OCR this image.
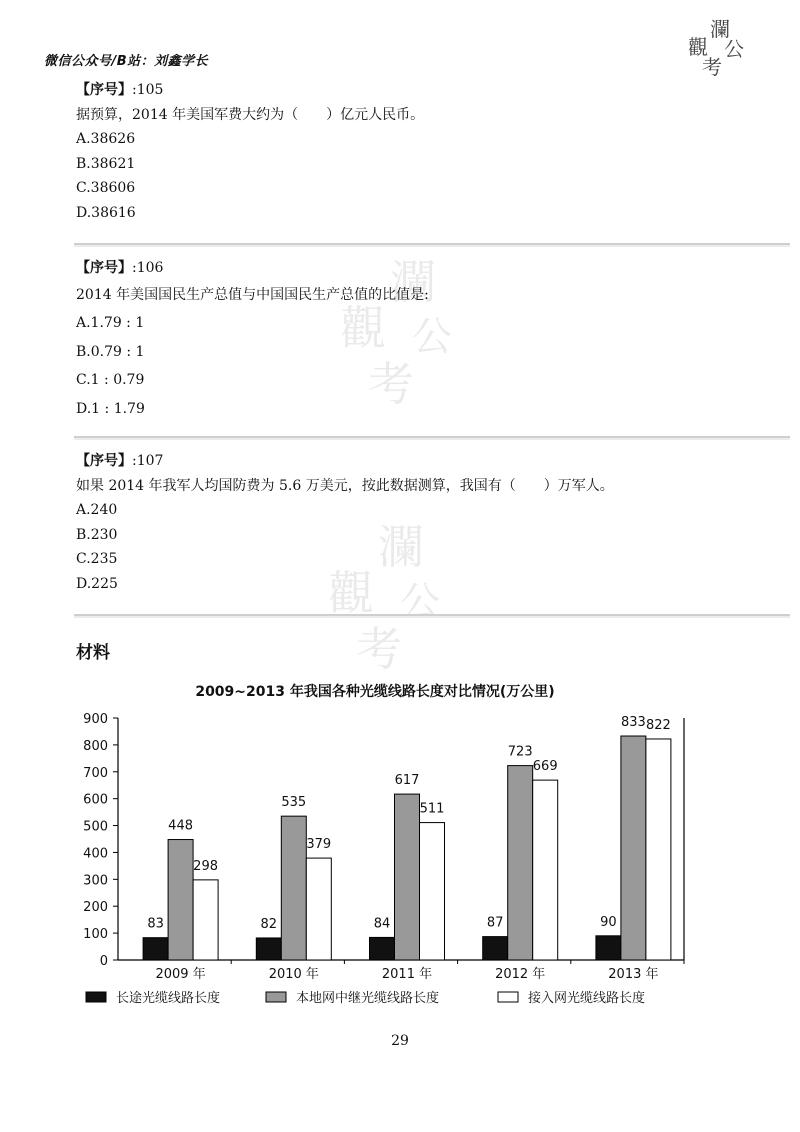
微信公众号/B站：刘鑫学长
瀾
觀 公
考
瀾
觀 公
考
瀾
觀 公
考
【序号】:105
据预算，2014 年美国军费大约为（　　）亿元人民币。
A.38626
B.38621
C.38606
D.38616
【序号】:106
2014 年美国国民生产总值与中国国民生产总值的比值是:
A.1.79 : 1
B.0.79 : 1
C.1 : 0.79
D.1 : 1.79
【序号】:107
如果 2014 年我军人均国防费为 5.6 万美元，按此数据测算，我国有（　　）万军人。
A.240
B.230
C.235
D.225
材料
2009~2013 年我国各种光缆线路长度对比情况(万公里)
0
100
200
300
400
500
600
700
800
900
83
448
298
2009 年
82
535
379
2010 年
84
617
511
2011 年
87
723
669
2012 年
90
833 822
2013 年
长途光缆线路长度	本地网中继光缆线路长度	接入网光缆线路长度
29
